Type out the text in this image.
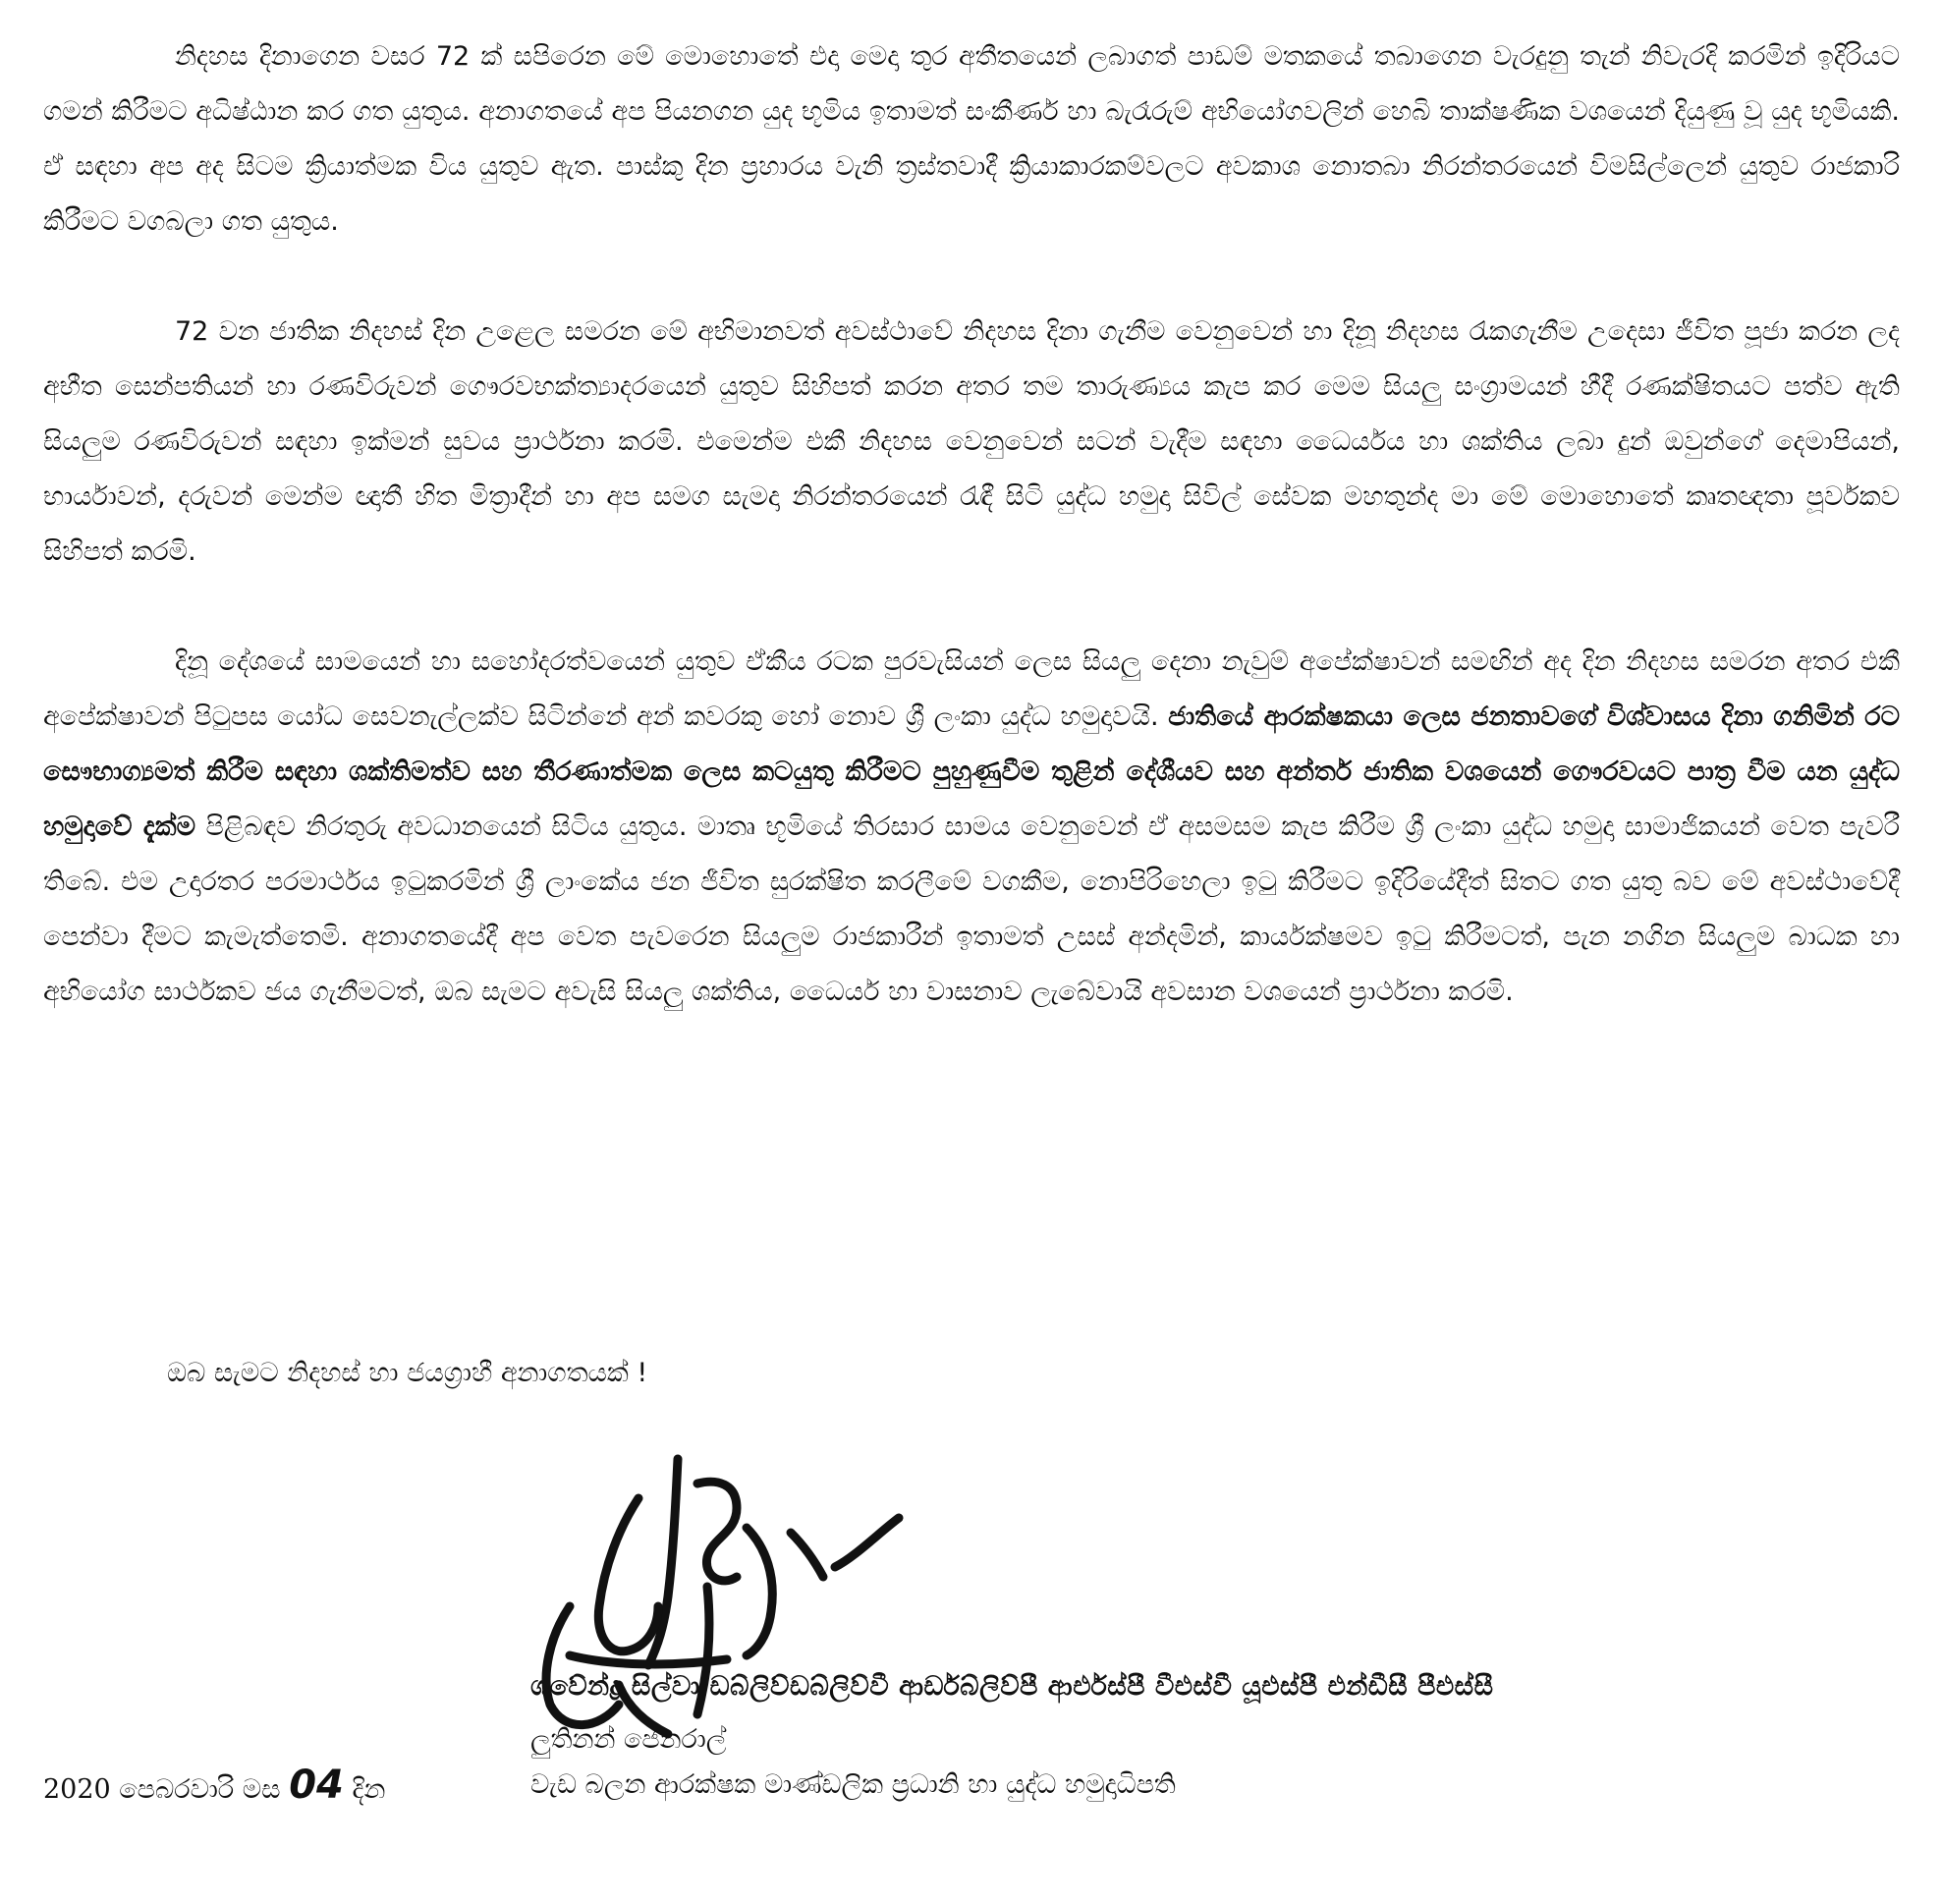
නිදහස දිනාගෙන වසර 72 ක් සපිරෙන මේ මොහොතේ එදා මෙදා තුර අතීතයෙන් ලබාගත් පාඩම් මතකයේ තබාගෙන වැරදුනු තැන් නිවැරදි කරමින් ඉදිරියට ගමන් කිරීමට අධිෂ්ඨාන කර ගත යුතුය. අනාගතයේ අප පියනගන යුද භූමිය ඉතාමත් සංකීර්ණ හා බැරෑරුම් අභියෝගවලින් හෙබි තාක්ෂණික වශයෙන් දියුණු වූ යුද භූමියකි. ඒ සඳහා අප අද සිටම ක්‍රියාත්මක විය යුතුව ඇත. පාස්කු දින ප්‍රහාරය වැනි ත්‍රස්තවාදී ක්‍රියාකාරකම්වලට අවකාශ නොතබා නිරන්තරයෙන් විමසිල්ලෙන් යුතුව රාජකාරි කිරීමට වගබලා ගත යුතුය.

72 වන ජාතික නිදහස් දින උළෙල සමරන මේ අභිමානවත් අවස්ථාවේ නිදහස දිනා ගැනීම වෙනුවෙන් හා දිනූ නිදහස රැකගැනීම උදෙසා ජීවිත පූජා කරන ලද අභීත සෙන්පතියන් හා රණවිරුවන් ගෞරවභක්ත්‍යාදරයෙන් යුතුව සිහිපත් කරන අතර තම තාරුණ්‍යය කැප කර මෙම සියලු සංග්‍රාමයන් හීදී රණක්ෂිතයට පත්ව ඇති සියලුම රණවිරුවන් සඳහා ඉක්මන් සුවය ප්‍රාර්ථනා කරමි. එමෙන්ම එකී නිදහස වෙනුවෙන් සටන් වැදීම සඳහා ධෛර්යය හා ශක්තිය ලබා දුන් ඔවුන්ගේ දෙමාපියන්, භාර්යාවන්, දරුවන් මෙන්ම ඥාතී හිත මිත්‍රාදීන් හා අප සමග සැමදා නිරන්තරයෙන් රැඳී සිටි යුද්ධ හමුදා සිවිල් සේවක මහතුන්ද මා මේ මොහොතේ කෘතඥතා පූර්වකව සිහිපත් කරමි.

දිනූ දේශයේ සාමයෙන් හා සහෝදරත්වයෙන් යුතුව ඒකීය රටක පුරවැසියන් ලෙස සියලු දෙනා නැවුම් අපේක්ෂාවන් සමඟින් අද දින නිදහස සමරන අතර එකී අපේක්ෂාවන් පිටුපස යෝධ සෙවනැල්ලක්ව සිටින්නේ අන් කවරකු හෝ නොව ශ්‍රී ලංකා යුද්ධ හමුදාවයි. ජාතියේ ආරක්ෂකයා ලෙස ජනතාවගේ විශ්වාසය දිනා ගනිමින් රට සෞභාග්‍යමත් කිරීම සඳහා ශක්තිමත්ව සහ තීරණාත්මක ලෙස කටයුතු කිරීමට පුහුණුවීම තුළින් දේශීයව සහ අන්තර් ජාතික වශයෙන් ගෞරවයට පාත්‍ර වීම යන යුද්ධ හමුදාවේ දැක්ම පිළිබඳව නිරතුරු අවධානයෙන් සිටිය යුතුය. මාතෘ භූමියේ තිරසාර සාමය වෙනුවෙන් ඒ අසමසම කැප කිරීම ශ්‍රී ලංකා යුද්ධ හමුදා සාමාජිකයන් වෙත පැවරී තිබේ. එම උදාරතර පරමාර්ථය ඉටුකරමින් ශ්‍රී ලාංකේය ජන ජීවිත සුරක්ෂිත කරලීමේ වගකීම, නොපිරිහෙලා ඉටු කිරීමට ඉදිරියේදීත් සිතට ගත යුතු බව මේ අවස්ථාවේදී පෙන්වා දීමට කැමැත්තෙමි. අනාගතයේදී අප වෙත පැවරෙන සියලුම රාජකාරීන් ඉතාමත් උසස් අන්දමින්, කාර්යක්ෂමව ඉටු කිරීමටත්, පැන නගින සියලුම බාධක හා අභියෝග සාර්ථකව ජය ගැනීමටත්, ඔබ සැමට අවැසි සියලු ශක්තිය, ධෛර්ය හා වාසනාව ලැබේවායි අවසාන වශයෙන් ප්‍රාර්ථනා කරමි.

ඔබ සැමට නිදහස් හා ජයග්‍රාහී අනාගතයක් !
ශවේන්ද්‍ර සිල්වා ඩබ්ලිව්ඩබ්ලිව්වී ආර්ඩබ්ලිව්පී ආර්එස්පී වීඑස්වී යූඑස්පී එන්ඩීසී පීඑස්සී
ලුතිනන් ජෙනරාල්
2020 පෙබරවාරි මස 04 දින	වැඩ බලන ආරක්ෂක මාණ්ඩලික ප්‍රධානි හා යුද්ධ හමුදාධිපති
